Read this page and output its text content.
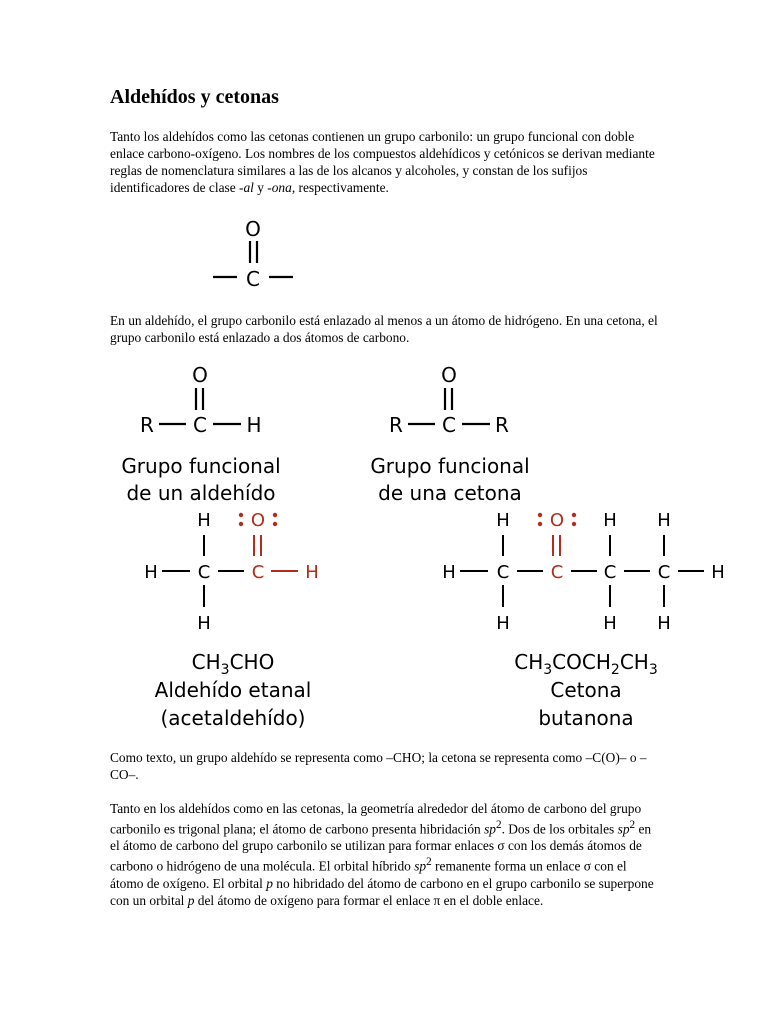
Aldehídos y cetonas

Tanto los aldehídos como las cetonas contienen un grupo carbonilo: un grupo funcional con doble enlace carbono-oxígeno. Los nombres de los compuestos aldehídicos y cetónicos se derivan mediante reglas de nomenclatura similares a las de los alcanos y alcoholes, y constan de los sufijos identificadores de clase -al y -ona, respectivamente.

O
C

En un aldehído, el grupo carbonilo está enlazado al menos a un átomo de hidrógeno. En una cetona, el grupo carbonilo está enlazado a dos átomos de carbono.

O
R C H
Grupo funcional
de un aldehído
O
R C R
Grupo funcional
de una cetona
H
H C C H
O
H
H
H
C
H
O
C
H
C
H
H
C
H
H
$CH_3CHO$
Aldehído etanal
(acetaldehído)
$CH_3COCH_2CH_3$
Cetona
butanona

Como texto, un grupo aldehído se representa como –CHO; la cetona se representa como –C(O)– o –CO–.

Tanto en los aldehídos como en las cetonas, la geometría alrededor del átomo de carbono del grupo carbonilo es trigonal plana; el átomo de carbono presenta hibridación $sp^2$. Dos de los orbitales $sp^2$ en el átomo de carbono del grupo carbonilo se utilizan para formar enlaces σ con los demás átomos de carbono o hidrógeno de una molécula. El orbital híbrido $sp^2$ remanente forma un enlace σ con el átomo de oxígeno. El orbital p no hibridado del átomo de carbono en el grupo carbonilo se superpone con un orbital p del átomo de oxígeno para formar el enlace π en el doble enlace.
